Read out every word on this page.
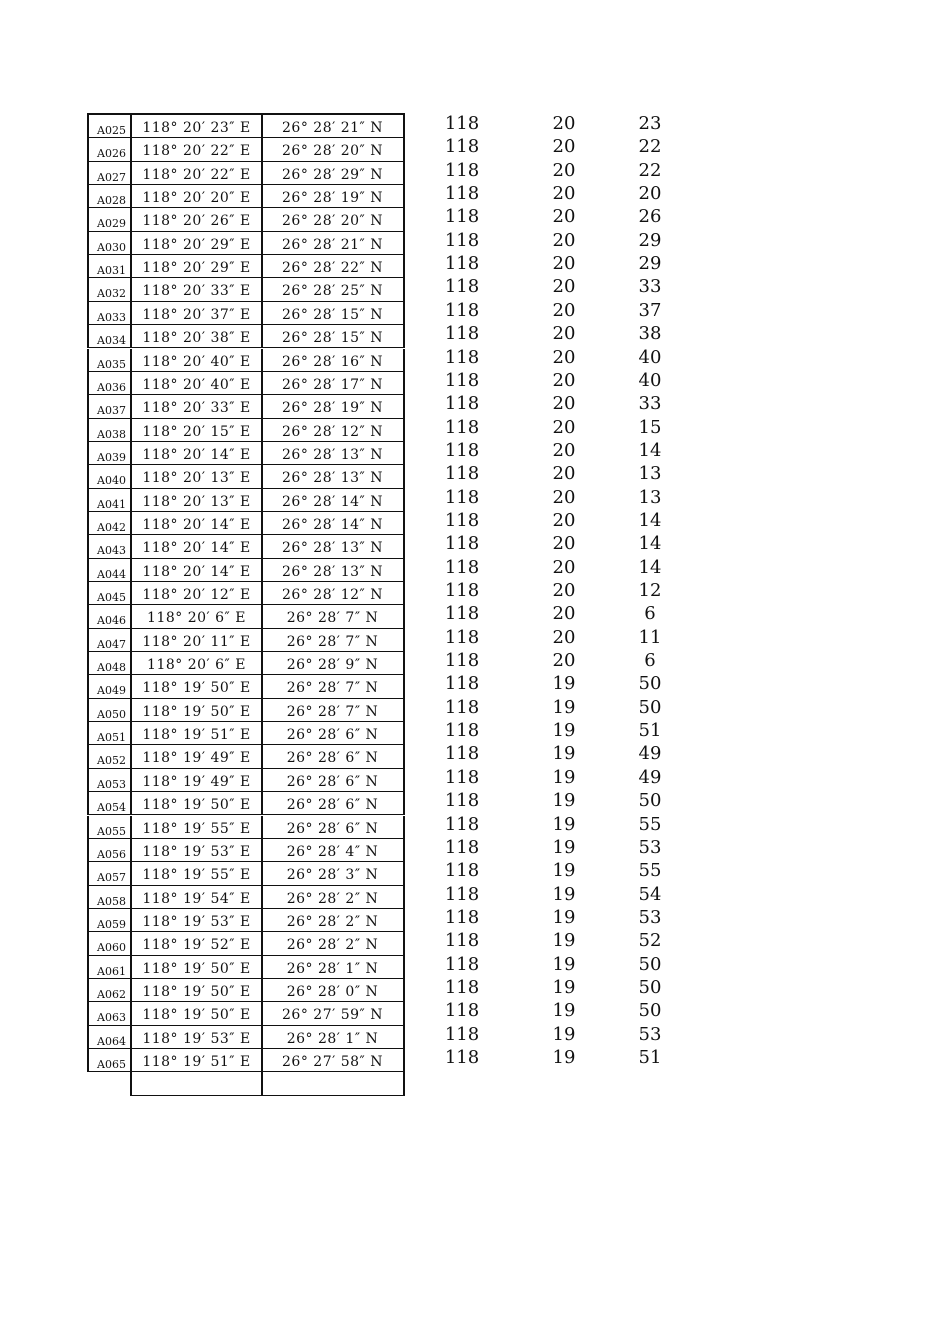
A025	118° 20′ 23″ E	26° 28′ 21″ N	118	20	23
A026	118° 20′ 22″ E	26° 28′ 20″ N	118	20	22
A027	118° 20′ 22″ E	26° 28′ 29″ N	118	20	22
A028	118° 20′ 20″ E	26° 28′ 19″ N	118	20	20
A029	118° 20′ 26″ E	26° 28′ 20″ N	118	20	26
A030	118° 20′ 29″ E	26° 28′ 21″ N	118	20	29
A031	118° 20′ 29″ E	26° 28′ 22″ N	118	20	29
A032	118° 20′ 33″ E	26° 28′ 25″ N	118	20	33
A033	118° 20′ 37″ E	26° 28′ 15″ N	118	20	37
A034	118° 20′ 38″ E	26° 28′ 15″ N	118	20	38
A035	118° 20′ 40″ E	26° 28′ 16″ N	118	20	40
A036	118° 20′ 40″ E	26° 28′ 17″ N	118	20	40
A037	118° 20′ 33″ E	26° 28′ 19″ N	118	20	33
A038	118° 20′ 15″ E	26° 28′ 12″ N	118	20	15
A039	118° 20′ 14″ E	26° 28′ 13″ N	118	20	14
A040	118° 20′ 13″ E	26° 28′ 13″ N	118	20	13
A041	118° 20′ 13″ E	26° 28′ 14″ N	118	20	13
A042	118° 20′ 14″ E	26° 28′ 14″ N	118	20	14
A043	118° 20′ 14″ E	26° 28′ 13″ N	118	20	14
A044	118° 20′ 14″ E	26° 28′ 13″ N	118	20	14
A045	118° 20′ 12″ E	26° 28′ 12″ N	118	20	12
A046	118° 20′ 6″ E	26° 28′ 7″ N	118	20	6
A047	118° 20′ 11″ E	26° 28′ 7″ N	118	20	11
A048	118° 20′ 6″ E	26° 28′ 9″ N	118	20	6
A049	118° 19′ 50″ E	26° 28′ 7″ N	118	19	50
A050	118° 19′ 50″ E	26° 28′ 7″ N	118	19	50
A051	118° 19′ 51″ E	26° 28′ 6″ N	118	19	51
A052	118° 19′ 49″ E	26° 28′ 6″ N	118	19	49
A053	118° 19′ 49″ E	26° 28′ 6″ N	118	19	49
A054	118° 19′ 50″ E	26° 28′ 6″ N	118	19	50
A055	118° 19′ 55″ E	26° 28′ 6″ N	118	19	55
A056	118° 19′ 53″ E	26° 28′ 4″ N	118	19	53
A057	118° 19′ 55″ E	26° 28′ 3″ N	118	19	55
A058	118° 19′ 54″ E	26° 28′ 2″ N	118	19	54
A059	118° 19′ 53″ E	26° 28′ 2″ N	118	19	53
A060	118° 19′ 52″ E	26° 28′ 2″ N	118	19	52
A061	118° 19′ 50″ E	26° 28′ 1″ N	118	19	50
A062	118° 19′ 50″ E	26° 28′ 0″ N	118	19	50
A063	118° 19′ 50″ E	26° 27′ 59″ N	118	19	50
A064	118° 19′ 53″ E	26° 28′ 1″ N	118	19	53
A065	118° 19′ 51″ E	26° 27′ 58″ N	118	19	51
